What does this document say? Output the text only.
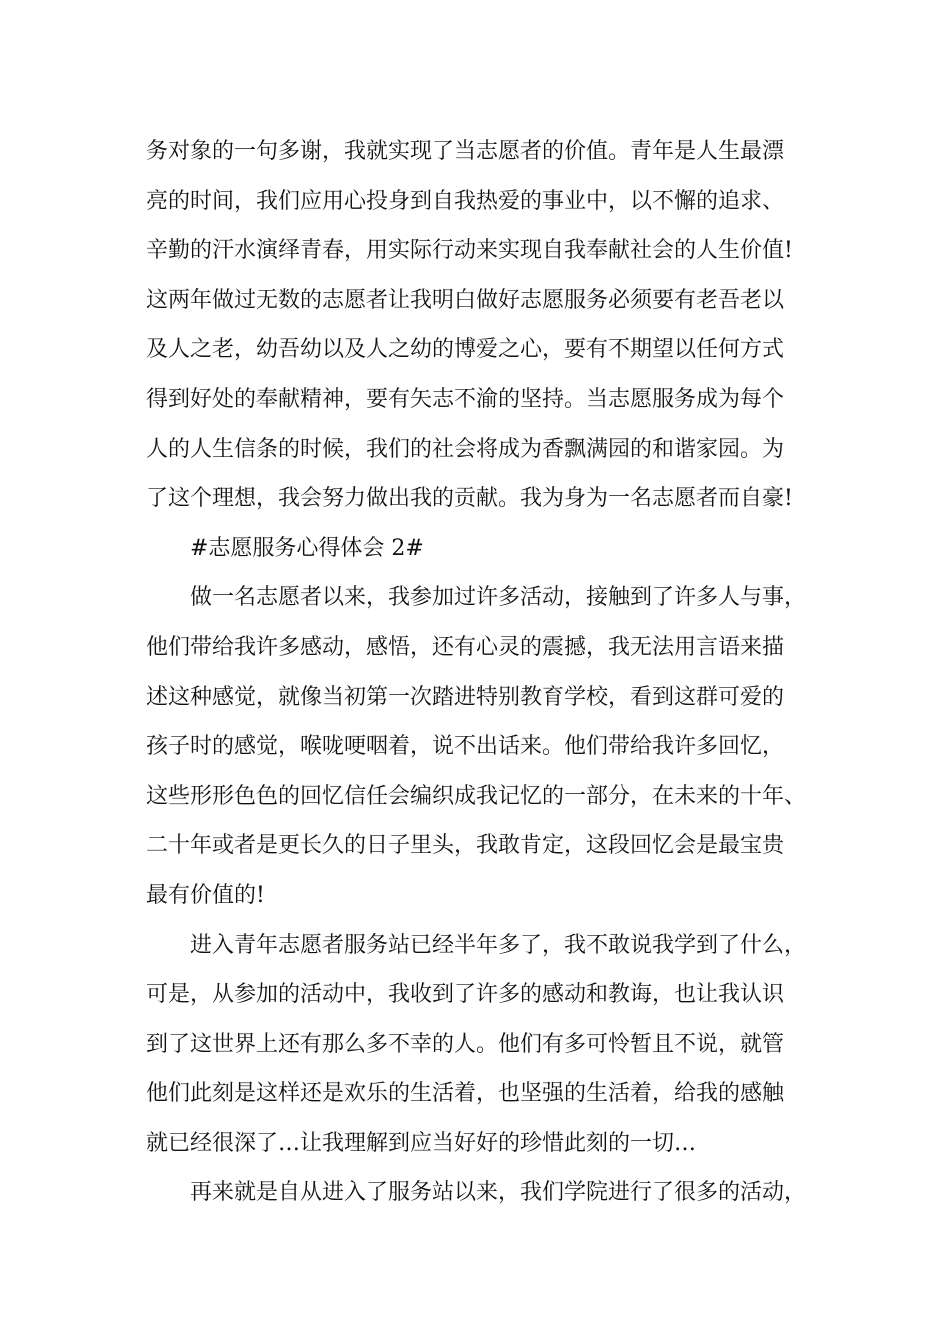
务对象的一句多谢，我就实现了当志愿者的价值。青年是人生最漂
亮的时间，我们应用心投身到自我热爱的事业中，以不懈的追求、
辛勤的汗水演绎青春，用实际行动来实现自我奉献社会的人生价值!
这两年做过无数的志愿者让我明白做好志愿服务必须要有老吾老以
及人之老，幼吾幼以及人之幼的博爱之心，要有不期望以任何方式
得到好处的奉献精神，要有矢志不渝的坚持。当志愿服务成为每个
人的人生信条的时候，我们的社会将成为香飘满园的和谐家园。为
了这个理想，我会努力做出我的贡献。我为身为一名志愿者而自豪!
#志愿服务心得体会 2#
做一名志愿者以来，我参加过许多活动，接触到了许多人与事，
他们带给我许多感动，感悟，还有心灵的震撼，我无法用言语来描
述这种感觉，就像当初第一次踏进特别教育学校，看到这群可爱的
孩子时的感觉，喉咙哽咽着，说不出话来。他们带给我许多回忆，
这些形形色色的回忆信任会编织成我记忆的一部分，在未来的十年、
二十年或者是更长久的日子里头，我敢肯定，这段回忆会是最宝贵
最有价值的!
进入青年志愿者服务站已经半年多了，我不敢说我学到了什么，
可是，从参加的活动中，我收到了许多的感动和教诲，也让我认识
到了这世界上还有那么多不幸的人。他们有多可怜暂且不说，就管
他们此刻是这样还是欢乐的生活着，也坚强的生活着，给我的感触
就已经很深了…让我理解到应当好好的珍惜此刻的一切…
再来就是自从进入了服务站以来，我们学院进行了很多的活动，
